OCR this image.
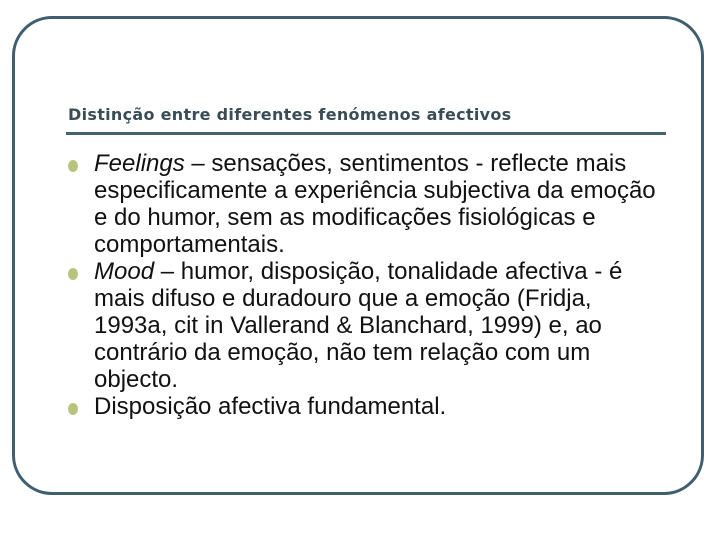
Distinção entre diferentes fenómenos afectivos
Feelings – sensações, sentimentos - reflecte mais especificamente a experiência subjectiva da emoção e do humor, sem as modificações fisiológicas e comportamentais.
Mood – humor, disposição, tonalidade afectiva - é mais difuso e duradouro que a emoção (Fridja, 1993a, cit in Vallerand & Blanchard, 1999) e, ao contrário da emoção, não tem relação com um objecto.
Disposição afectiva fundamental.
